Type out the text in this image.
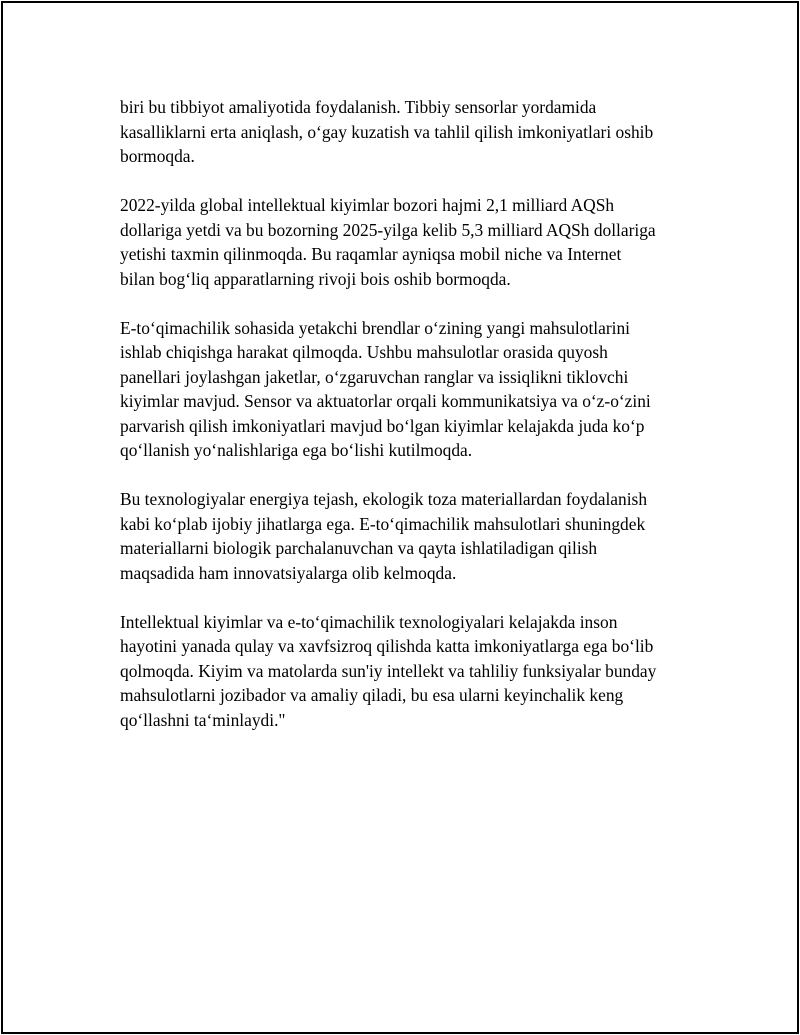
biri bu tibbiyot amaliyotida foydalanish. Tibbiy sensorlar yordamida
kasalliklarni erta aniqlash, o‘gay kuzatish va tahlil qilish imkoniyatlari oshib
bormoqda.

2022-yilda global intellektual kiyimlar bozori hajmi 2,1 milliard AQSh
dollariga yetdi va bu bozorning 2025-yilga kelib 5,3 milliard AQSh dollariga
yetishi taxmin qilinmoqda. Bu raqamlar ayniqsa mobil niche va Internet
bilan bog‘liq apparatlarning rivoji bois oshib bormoqda.

E-to‘qimachilik sohasida yetakchi brendlar o‘zining yangi mahsulotlarini
ishlab chiqishga harakat qilmoqda. Ushbu mahsulotlar orasida quyosh
panellari joylashgan jaketlar, o‘zgaruvchan ranglar va issiqlikni tiklovchi
kiyimlar mavjud. Sensor va aktuatorlar orqali kommunikatsiya va o‘z-o‘zini
parvarish qilish imkoniyatlari mavjud bo‘lgan kiyimlar kelajakda juda ko‘p
qo‘llanish yo‘nalishlariga ega bo‘lishi kutilmoqda.

Bu texnologiyalar energiya tejash, ekologik toza materiallardan foydalanish
kabi ko‘plab ijobiy jihatlarga ega. E-to‘qimachilik mahsulotlari shuningdek
materiallarni biologik parchalanuvchan va qayta ishlatiladigan qilish
maqsadida ham innovatsiyalarga olib kelmoqda.

Intellektual kiyimlar va e-to‘qimachilik texnologiyalari kelajakda inson
hayotini yanada qulay va xavfsizroq qilishda katta imkoniyatlarga ega bo‘lib
qolmoqda. Kiyim va matolarda sun'iy intellekt va tahliliy funksiyalar bunday
mahsulotlarni jozibador va amaliy qiladi, bu esa ularni keyinchalik keng
qo‘llashni ta‘minlaydi."
